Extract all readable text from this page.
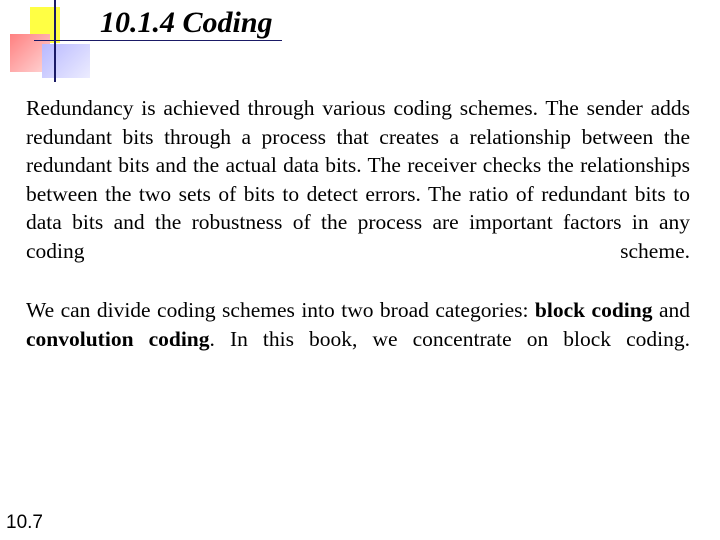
10.1.4 Coding

Redundancy is achieved through various coding schemes. The sender adds redundant bits through a process that creates a relationship between the redundant bits and the actual data bits. The receiver checks the relationships between the two sets of bits to detect errors. The ratio of redundant bits to data bits and the robustness of the process are important factors in any coding scheme.

We can divide coding schemes into two broad categories: block coding and convolution coding. In this book, we concentrate on block coding.

10.7
